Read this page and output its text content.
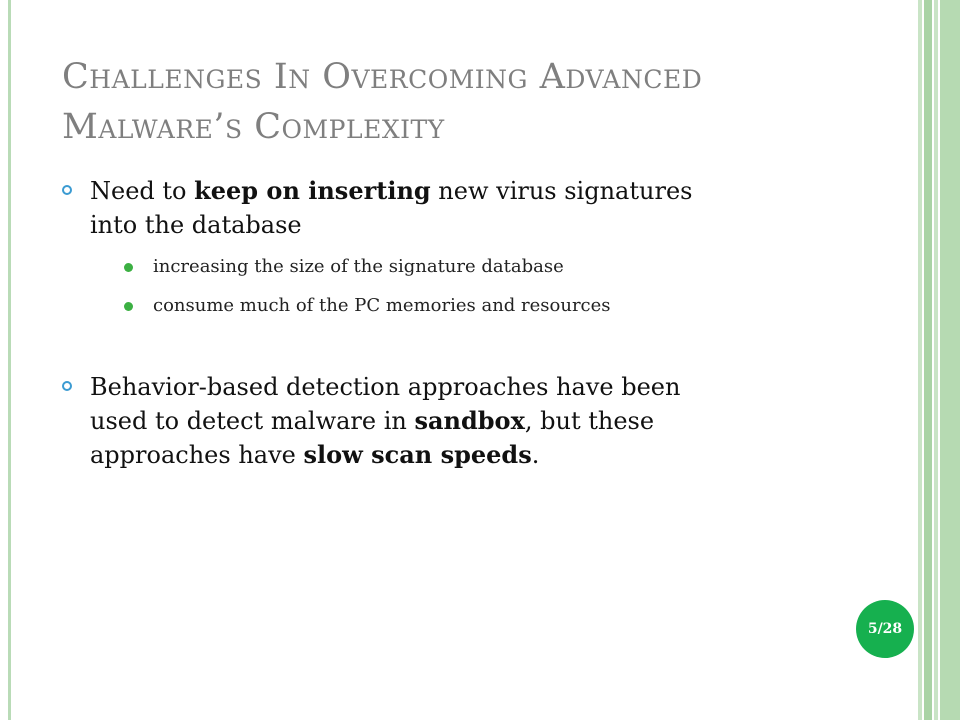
Challenges In Overcoming Advanced
Malware’s Complexity
Need to keep on inserting new virus signatures
into the database
increasing the size of the signature database
consume much of the PC memories and resources
Behavior-based detection approaches have been
used to detect malware in sandbox, but these
approaches have slow scan speeds.
5/28
